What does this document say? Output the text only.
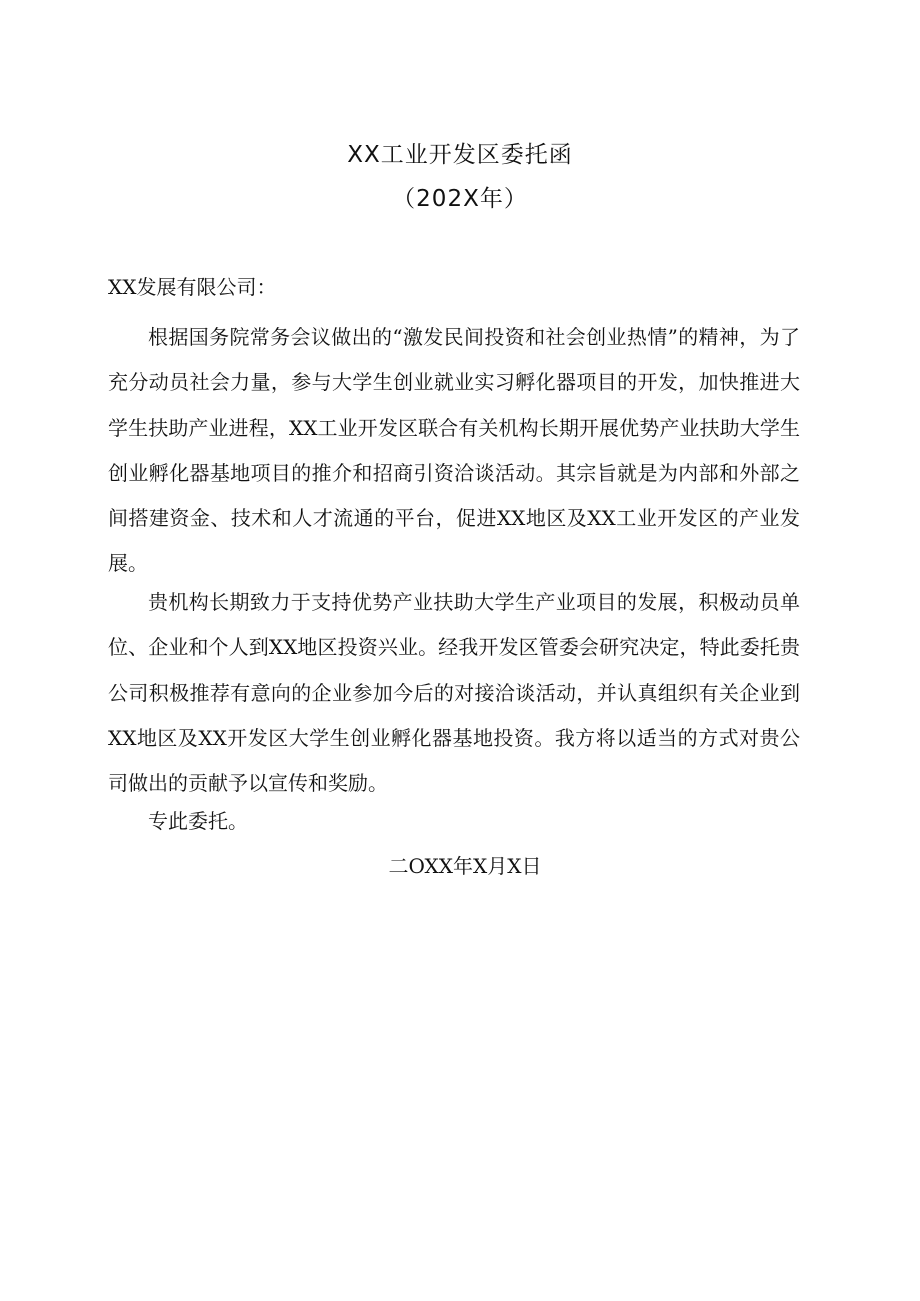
XX工业开发区委托函
（202X年）

XX发展有限公司：

根据国务院常务会议做出的“激发民间投资和社会创业热情”的精神，为了充分动员社会力量，参与大学生创业就业实习孵化器项目的开发，加快推进大学生扶助产业进程，XX工业开发区联合有关机构长期开展优势产业扶助大学生创业孵化器基地项目的推介和招商引资洽谈活动。其宗旨就是为内部和外部之间搭建资金、技术和人才流通的平台，促进XX地区及XX工业开发区的产业发展。

贵机构长期致力于支持优势产业扶助大学生产业项目的发展，积极动员单位、企业和个人到XX地区投资兴业。经我开发区管委会研究决定，特此委托贵公司积极推荐有意向的企业参加今后的对接洽谈活动，并认真组织有关企业到XX地区及XX开发区大学生创业孵化器基地投资。我方将以适当的方式对贵公司做出的贡献予以宣传和奖励。

专此委托。

二OXX年X月X日
